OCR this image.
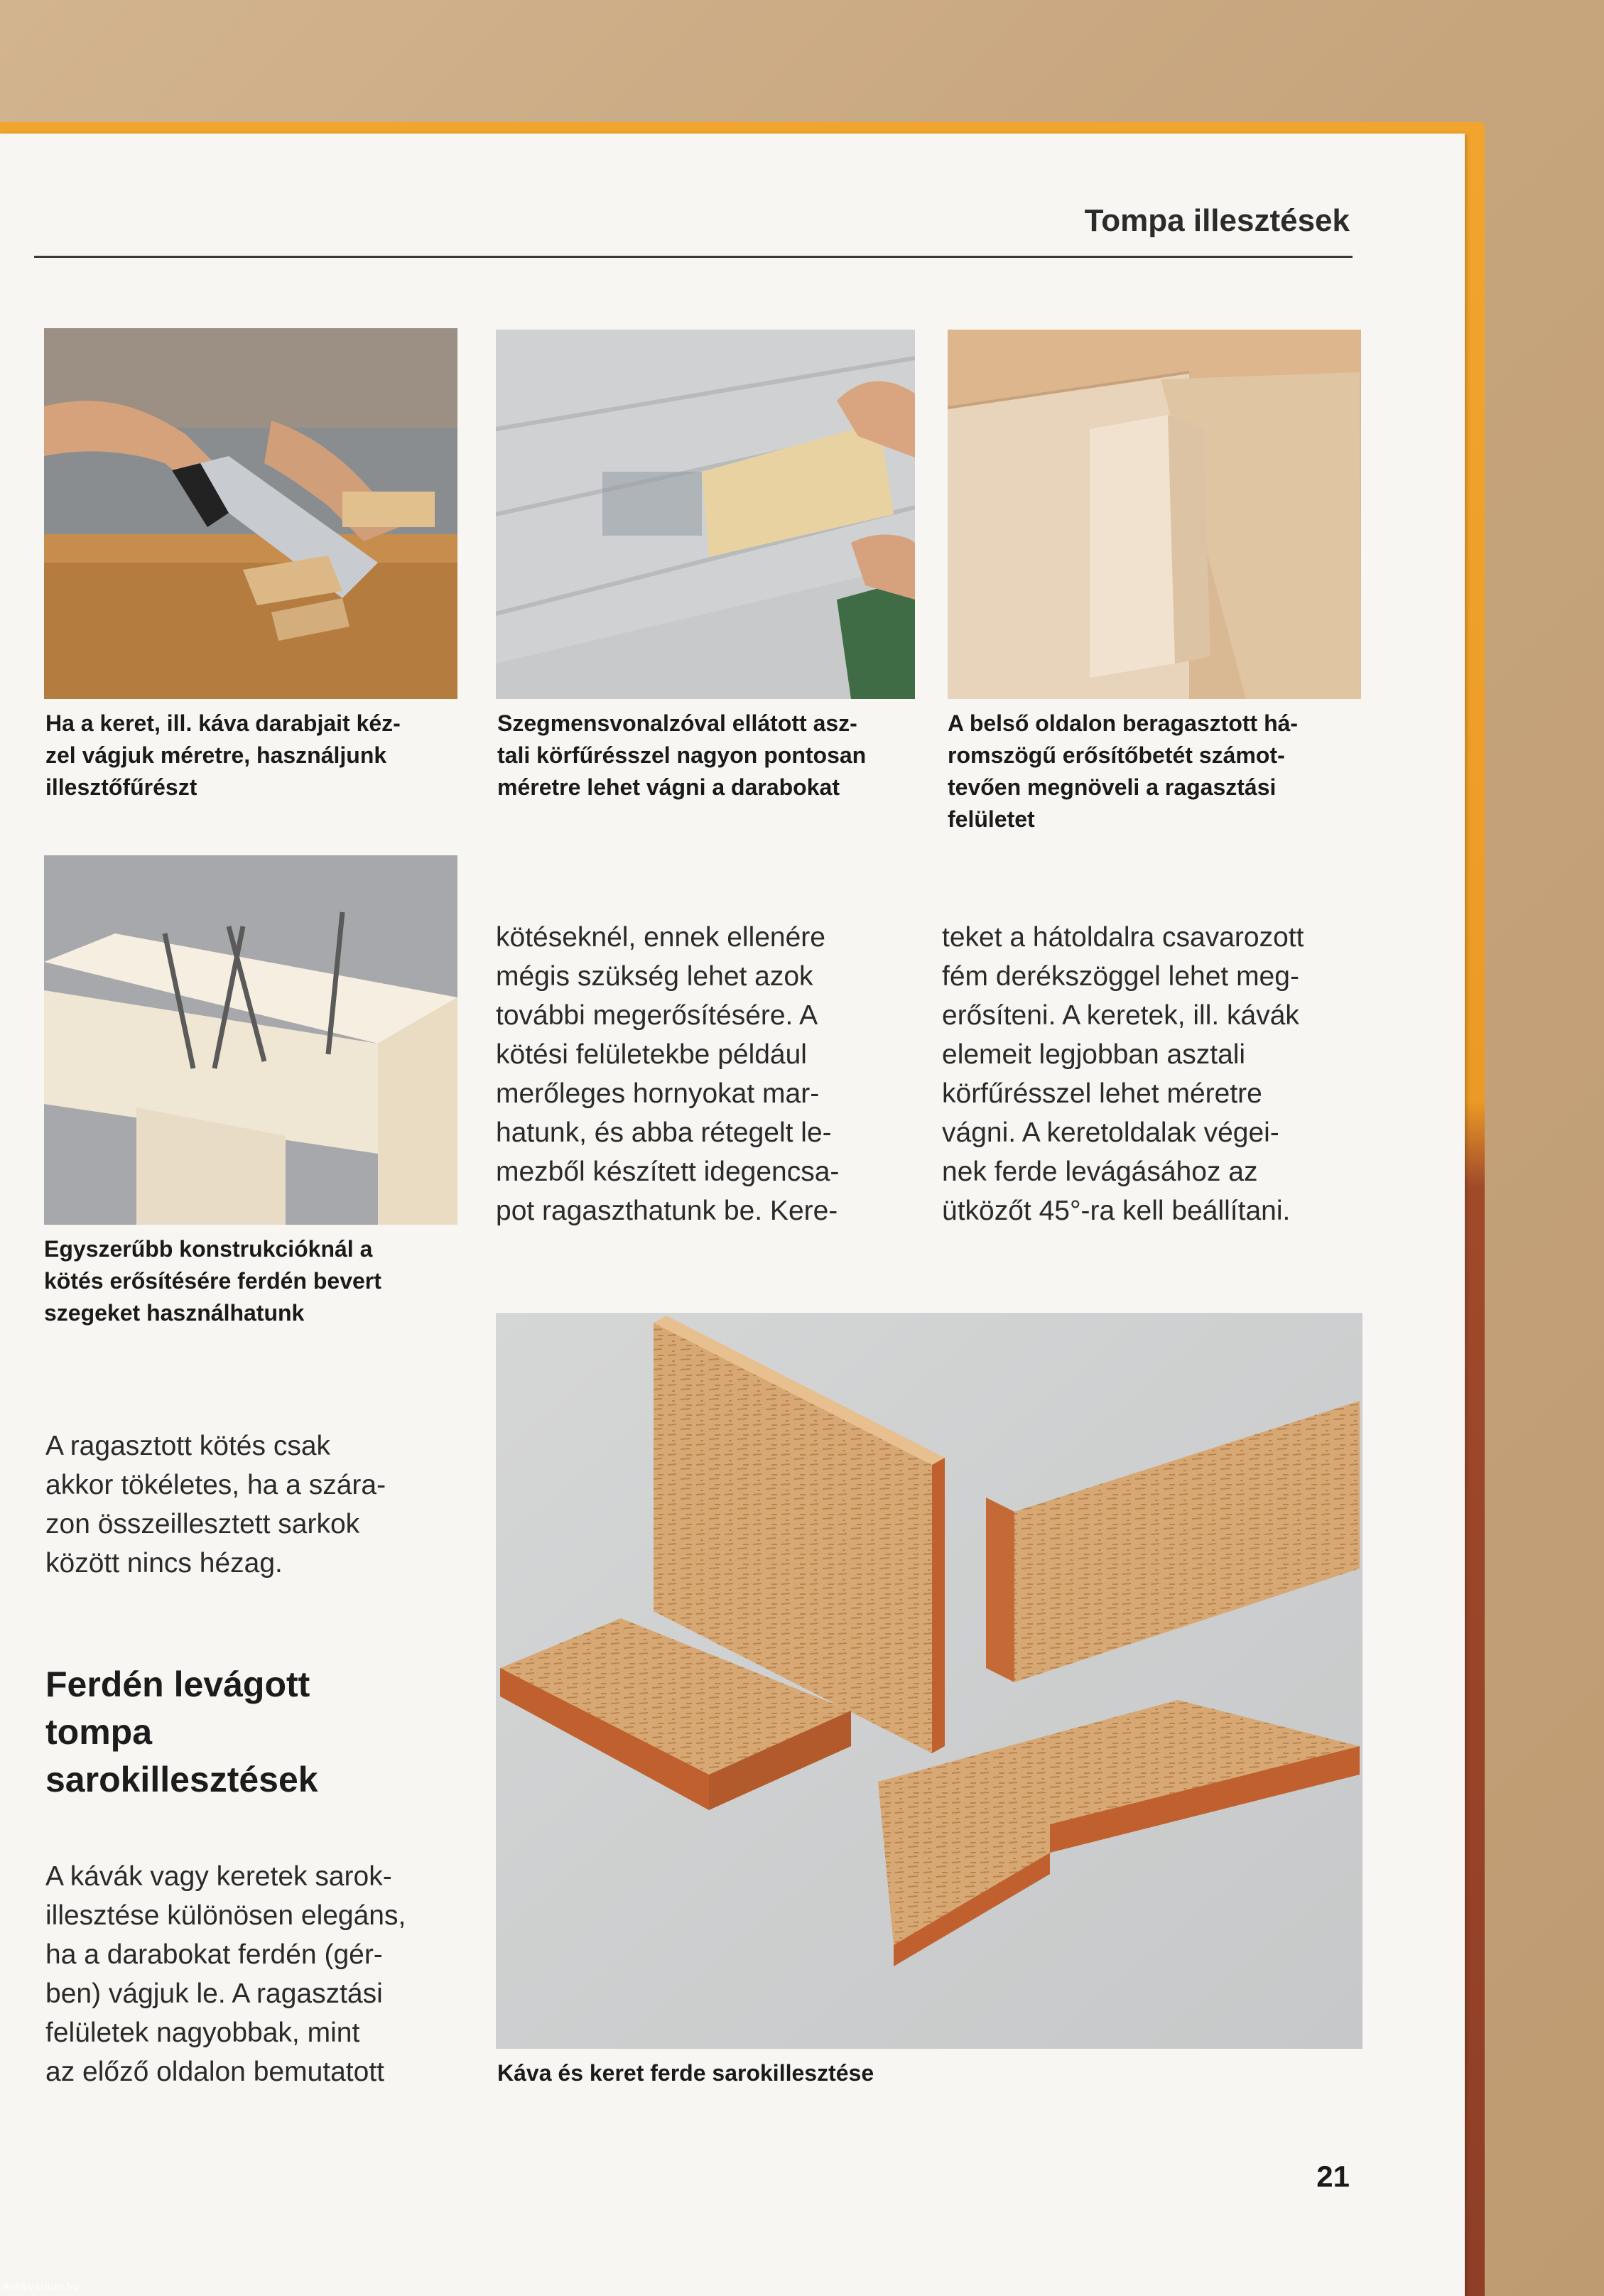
Tompa illesztések
Ha a keret, ill. káva darabjait kéz-
zel vágjuk méretre, használjunk
illesztőfűrészt
Szegmensvonalzóval ellátott asz-
tali körfűrésszel nagyon pontosan
méretre lehet vágni a darabokat
A belső oldalon beragasztott há-
romszögű erősítőbetét számot-
tevően megnöveli a ragasztási
felületet
kötéseknél, ennek ellenére
mégis szükség lehet azok
további megerősítésére. A
kötési felületekbe például
merőleges hornyokat mar-
hatunk, és abba rétegelt le-
mezből készített idegencsa-
pot ragaszthatunk be. Kere-
teket a hátoldalra csavarozott
fém derékszöggel lehet meg-
erősíteni. A keretek, ill. kávák
elemeit legjobban asztali
körfűrésszel lehet méretre
vágni. A keretoldalak végei-
nek ferde levágásához az
ütközőt 45°-ra kell beállítani.
Egyszerűbb konstrukcióknál a
kötés erősítésére ferdén bevert
szegeket használhatunk
A ragasztott kötés csak
akkor tökéletes, ha a szára-
zon összeillesztett sarkok
között nincs hézag.
Ferdén levágott
tompa
sarokillesztések
A kávák vagy keretek sarok-
illesztése különösen elegáns,
ha a darabokat ferdén (gér-
ben) vágjuk le. A ragasztási
felületek nagyobbak, mint
az előző oldalon bemutatott	Káva és keret ferde sarokillesztése
21
Antikvarium.hu
